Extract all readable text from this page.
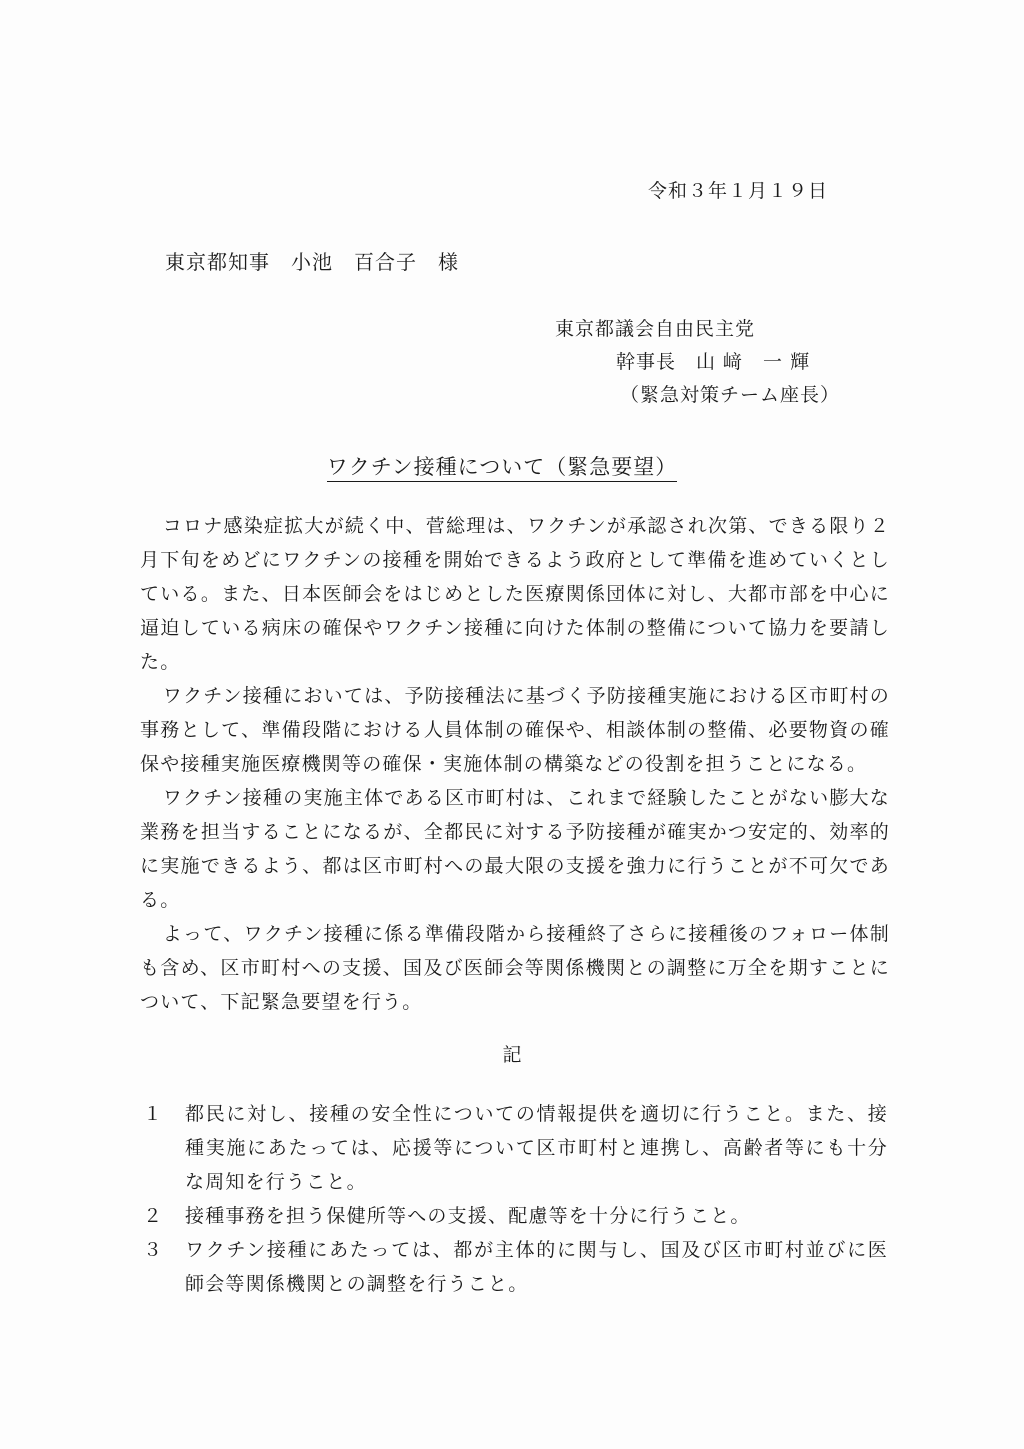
令和３年１月１９日
東京都知事　小池　百合子　様
東京都議会自由民主党
幹事長　山 﨑　一 輝
（緊急対策チーム座長）
ワクチン接種について（緊急要望）

コロナ感染症拡大が続く中、菅総理は、ワクチンが承認され次第、できる限り２月下旬をめどにワクチンの接種を開始できるよう政府として準備を進めていくとしている。また、日本医師会をはじめとした医療関係団体に対し、大都市部を中心に逼迫している病床の確保やワクチン接種に向けた体制の整備について協力を要請した。

ワクチン接種においては、予防接種法に基づく予防接種実施における区市町村の事務として、準備段階における人員体制の確保や、相談体制の整備、必要物資の確保や接種実施医療機関等の確保・実施体制の構築などの役割を担うことになる。

ワクチン接種の実施主体である区市町村は、これまで経験したことがない膨大な業務を担当することになるが、全都民に対する予防接種が確実かつ安定的、効率的に実施できるよう、都は区市町村への最大限の支援を強力に行うことが不可欠である。

よって、ワクチン接種に係る準備段階から接種終了さらに接種後のフォロー体制も含め、区市町村への支援、国及び医師会等関係機関との調整に万全を期すことについて、下記緊急要望を行う。

記
１	都民に対し、接種の安全性についての情報提供を適切に行うこと。また、接種実施にあたっては、応援等について区市町村と連携し、高齢者等にも十分な周知を行うこと。
２	接種事務を担う保健所等への支援、配慮等を十分に行うこと。
３	ワクチン接種にあたっては、都が主体的に関与し、国及び区市町村並びに医師会等関係機関との調整を行うこと。
